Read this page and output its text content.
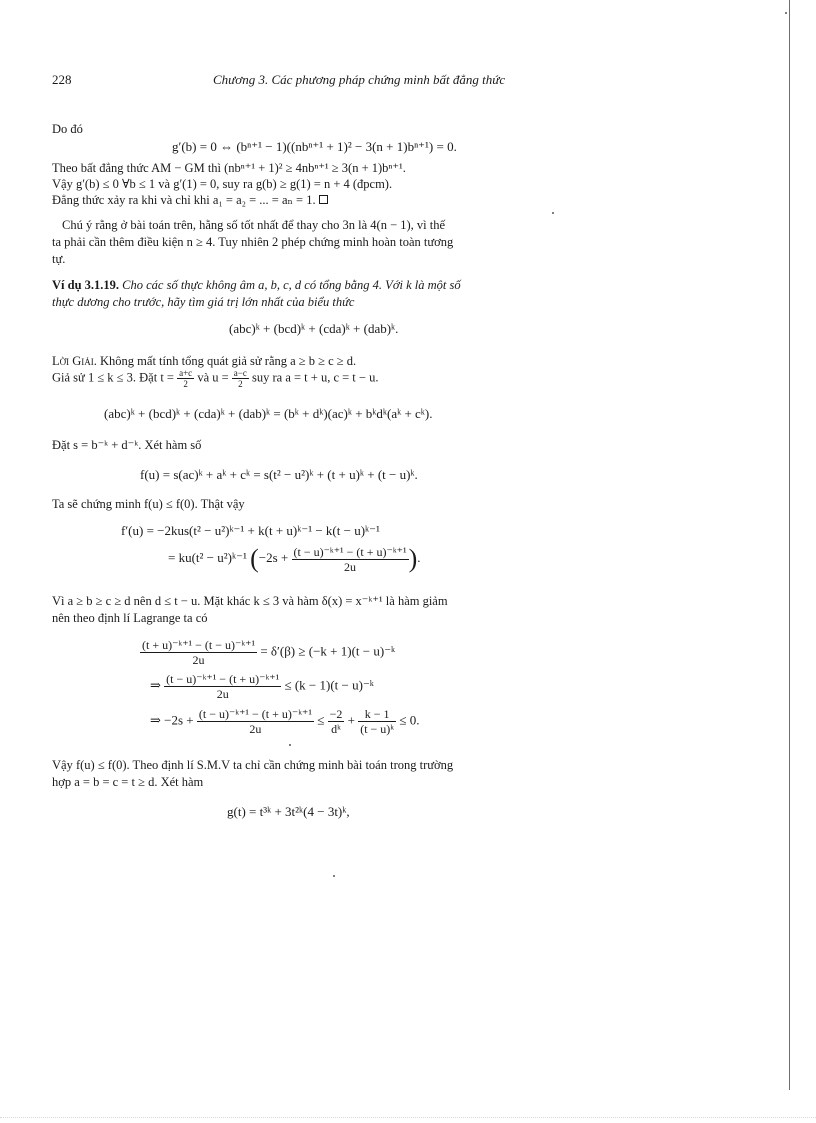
228	Chương 3. Các phương pháp chứng minh bất đẳng thức
Do đó
g′(b) = 0 ⇔ (bⁿ⁺¹ − 1)((nbⁿ⁺¹ + 1)² − 3(n + 1)bⁿ⁺¹) = 0.
Theo bất đẳng thức AM − GM thì (nbⁿ⁺¹ + 1)² ≥ 4nbⁿ⁺¹ ≥ 3(n + 1)bⁿ⁺¹.
Vậy g′(b) ≤ 0 ∀b ≤ 1 và g′(1) = 0, suy ra g(b) ≥ g(1) = n + 4 (đpcm).
Đẳng thức xảy ra khi và chỉ khi a₁ = a₂ = ... = aₙ = 1.
Chú ý rằng ở bài toán trên, hằng số tốt nhất để thay cho 3n là 4(n − 1), vì thế
ta phải cần thêm điều kiện n ≥ 4. Tuy nhiên 2 phép chứng minh hoàn toàn tương
tự.
Ví dụ 3.1.19. Cho các số thực không âm a, b, c, d có tổng bằng 4. Với k là một số
thực dương cho trước, hãy tìm giá trị lớn nhất của biểu thức
(abc)ᵏ + (bcd)ᵏ + (cda)ᵏ + (dab)ᵏ.
Lời Giải. Không mất tính tổng quát giả sử rằng a ≥ b ≥ c ≥ d.
Giả sử 1 ≤ k ≤ 3. Đặt $t = \frac{a+c}{2}$ và $u = \frac{a-c}{2}$ suy ra a = t + u, c = t − u.
(abc)ᵏ + (bcd)ᵏ + (cda)ᵏ + (dab)ᵏ = (bᵏ + dᵏ)(ac)ᵏ + bᵏdᵏ(aᵏ + cᵏ).
Đặt s = b⁻ᵏ + d⁻ᵏ. Xét hàm số
f(u) = s(ac)ᵏ + aᵏ + cᵏ = s(t² − u²)ᵏ + (t + u)ᵏ + (t − u)ᵏ.
Ta sẽ chứng minh f(u) ≤ f(0). Thật vậy
f′(u) = −2kus(t² − u²)ᵏ⁻¹ + k(t + u)ᵏ⁻¹ − k(t − u)ᵏ⁻¹
= ku(t² − u²)ᵏ⁻¹ ($-2s + \frac{\text{(t − u)⁻ᵏ⁺¹ − (t + u)⁻ᵏ⁺¹}}{2u}$ ).
Vì a ≥ b ≥ c ≥ d nên d ≤ t − u. Mặt khác k ≤ 3 và hàm δ(x) = x⁻ᵏ⁺¹ là hàm giảm
nên theo định lí Lagrange ta có
$\frac{\text{(t + u)⁻ᵏ⁺¹ − (t − u)⁻ᵏ⁺¹}}{2u} = \delta'(\beta) \ge (-k + 1)(t$ − u)⁻ᵏ
⇒ $\frac{\text{(t − u)⁻ᵏ⁺¹ − (t + u)⁻ᵏ⁺¹}}{2u} \le (k - 1)(t$ − u)⁻ᵏ
⇒ $-2s + \frac{\text{(t − u)⁻ᵏ⁺¹ − (t + u)⁻ᵏ⁺¹}}{2u} \le \frac{-2}{\text{dᵏ}} + \frac{k - 1}{\text{(t − u)ᵏ}} \le 0$.
Vậy f(u) ≤ f(0). Theo định lí S.M.V ta chỉ cần chứng minh bài toán trong trường
hợp a = b = c = t ≥ d. Xét hàm
g(t) = t³ᵏ + 3t²ᵏ(4 − 3t)ᵏ,
